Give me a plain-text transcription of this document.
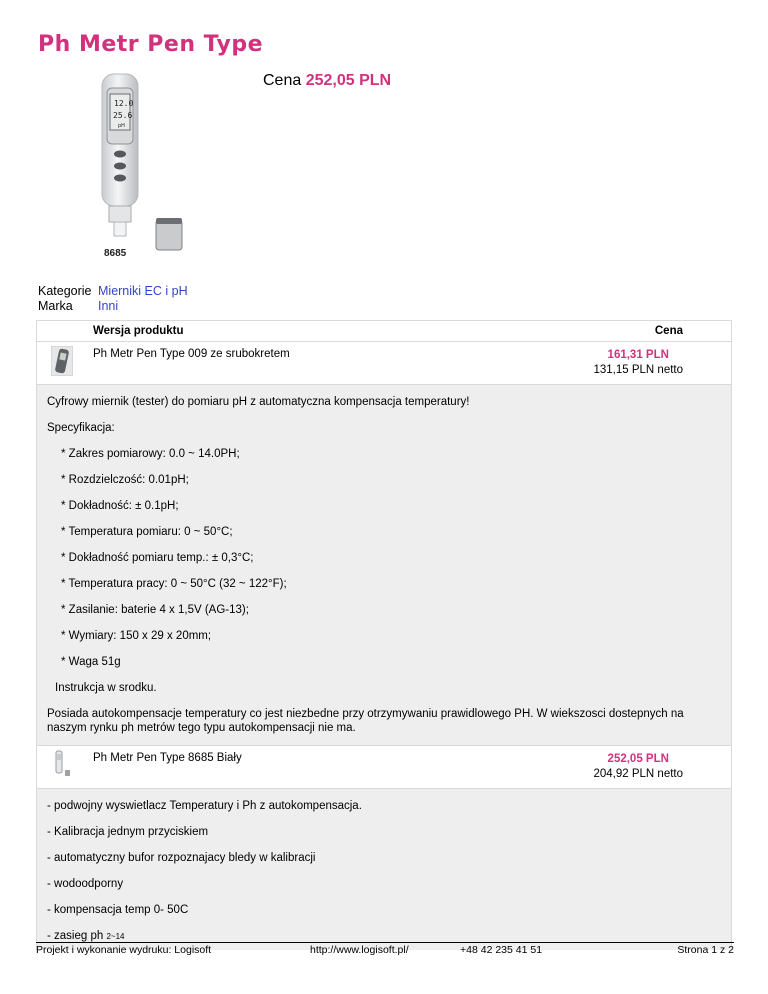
Ph Metr Pen Type
12.0
25.6
pH
8685
Cena 252,05 PLN
Kategorie Mierniki EC i pH
Marka	Inni
Wersja produktu	Cena
Ph Metr Pen Type 009 ze srubokretem	161,31 PLN
131,15 PLN netto

Cyfrowy miernik (tester) do pomiaru pH z automatyczna kompensacja temperatury!

Specyfikacja:

* Zakres pomiarowy: 0.0 ~ 14.0PH;

* Rozdzielczość: 0.01pH;

* Dokładność: ± 0.1pH;

* Temperatura pomiaru: 0 ~ 50°C;

* Dokładność pomiaru temp.: ± 0,3°C;

* Temperatura pracy: 0 ~ 50°C (32 ~ 122°F);

* Zasilanie: baterie 4 x 1,5V (AG-13);

* Wymiary: 150 x 29 x 20mm;

* Waga 51g

Instrukcja w srodku.

Posiada autokompensacje temperatury co jest niezbedne przy otrzymywaniu prawidlowego PH. W wiekszosci dostepnych na naszym rynku ph metrów tego typu autokompensacji nie ma.

Ph Metr Pen Type 8685 Biały	252,05 PLN
204,92 PLN netto

- podwojny wyswietlacz Temperatury i Ph z autokompensacja.

- Kalibracja jednym przyciskiem

- automatyczny bufor rozpoznajacy bledy w kalibracji

- wodoodporny

- kompensacja temp 0- 50C

- zasieg ph 2~14

Projekt i wykonanie wydruku: Logisoft	http://www.logisoft.pl/	+48 42 235 41 51	Strona 1 z 2
